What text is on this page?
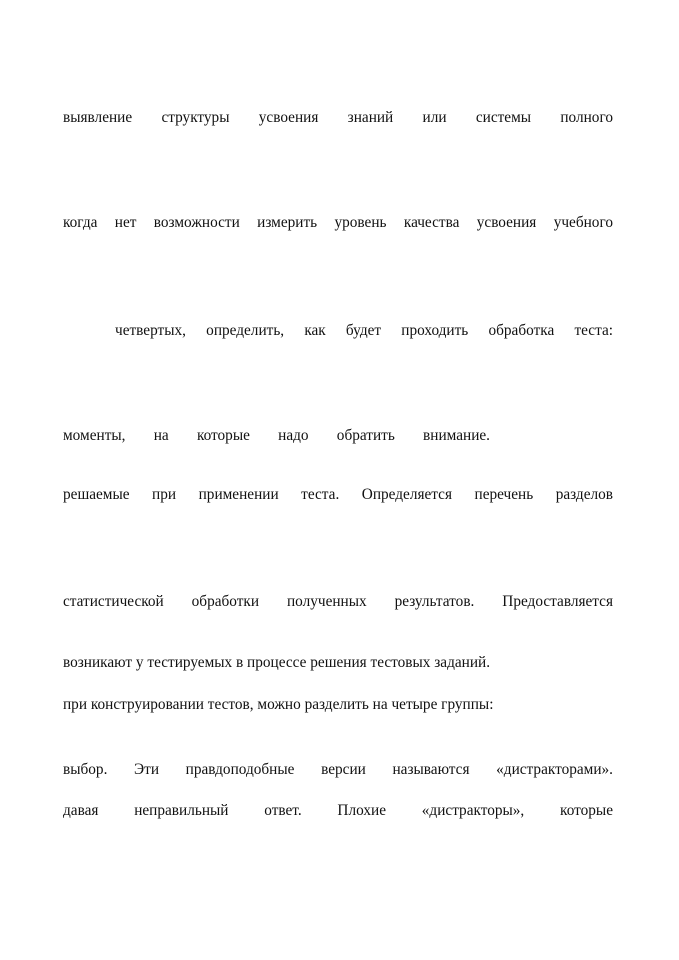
выявление структуры усвоения знаний или системы полного
когда нет возможности измерить уровень качества усвоения учебного
четвертых, определить, как будет проходить обработка теста:
моменты, на которые надо обратить внимание.
решаемые при применении теста. Определяется перечень разделов
статистической обработки полученных результатов. Предоставляется
возникают у тестируемых в процессе решения тестовых заданий.
при конструировании тестов, можно разделить на четыре группы:
выбор. Эти правдоподобные версии называются «дистракторами».
давая неправильный ответ. Плохие «дистракторы», которые
